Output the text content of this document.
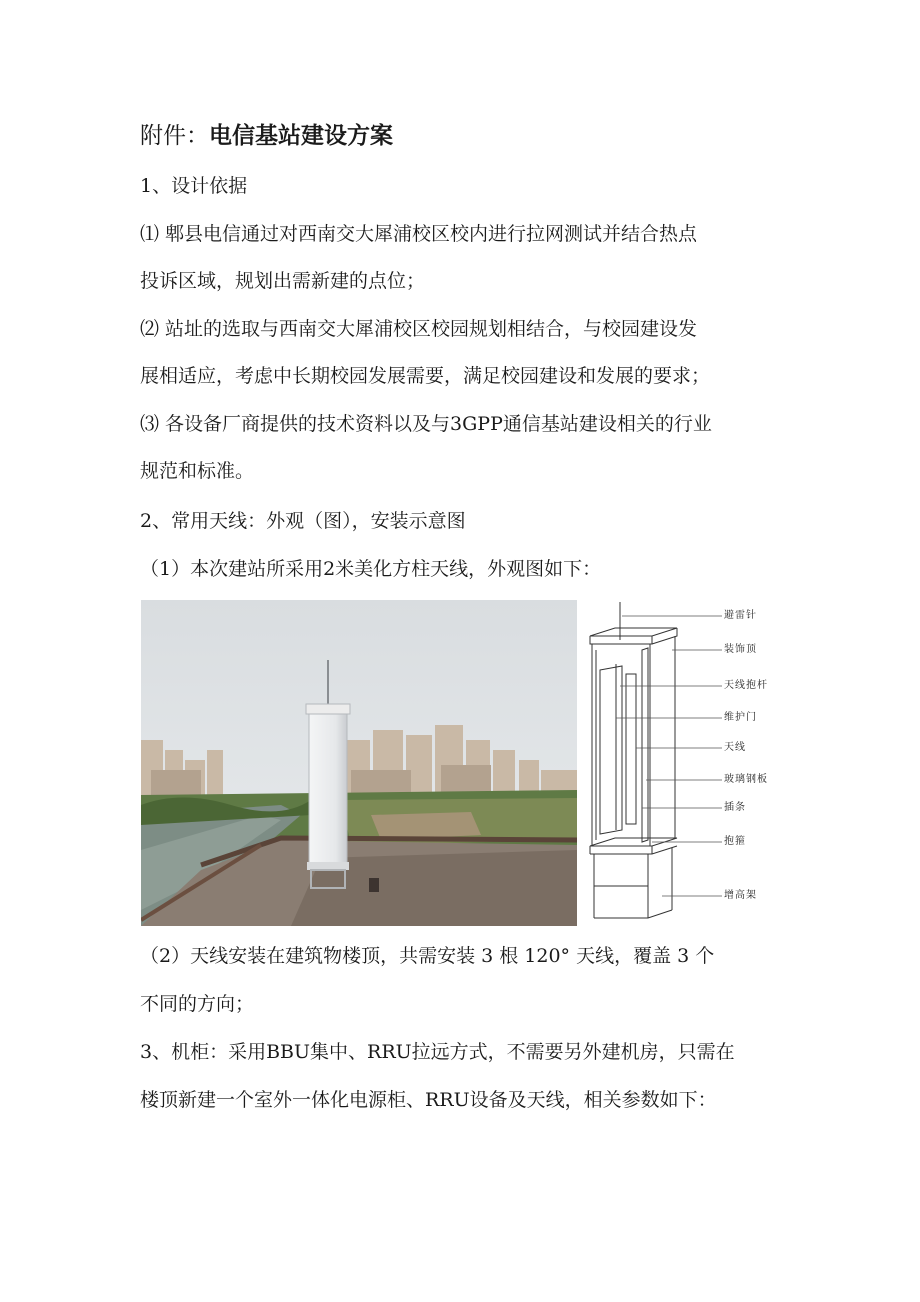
附件：电信基站建设方案
1、设计依据
⑴ 郫县电信通过对西南交大犀浦校区校内进行拉网测试并结合热点
投诉区域，规划出需新建的点位；
⑵ 站址的选取与西南交大犀浦校区校园规划相结合，与校园建设发
展相适应，考虑中长期校园发展需要，满足校园建设和发展的要求；
⑶ 各设备厂商提供的技术资料以及与3GPP通信基站建设相关的行业
规范和标准。
2、常用天线：外观（图），安装示意图
（1）本次建站所采用2米美化方柱天线，外观图如下：
避雷针
装饰顶
天线抱杆
维护门
天线
玻璃钢板
插条
抱箍
增高架
（2）天线安装在建筑物楼顶，共需安装 3 根 120° 天线，覆盖 3 个
不同的方向；
3、机柜：采用BBU集中、RRU拉远方式，不需要另外建机房，只需在
楼顶新建一个室外一体化电源柜、RRU设备及天线，相关参数如下：
